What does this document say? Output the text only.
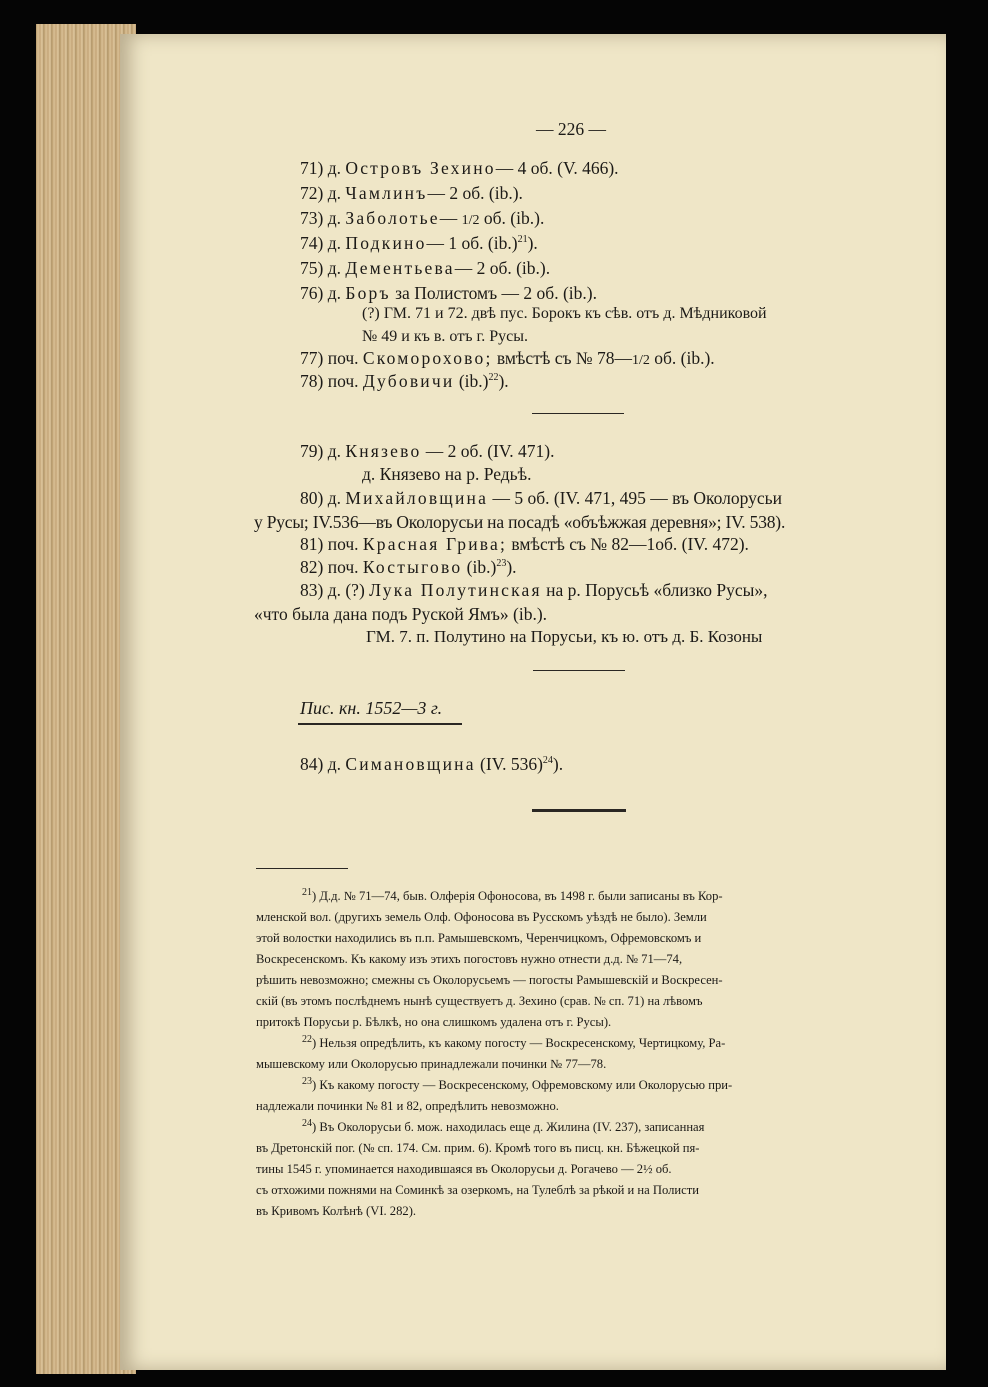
— 226 —
71) д. Островъ Зехино— 4 об. (V. 466).
72) д. Чамлинъ— 2 об. (ib.).
73) д. Заболотье— 1/2 об. (ib.).
74) д. Подкино— 1 об. $(ib.)^{21}$).
75) д. Дементьева— 2 об. (ib.).
76) д. Боръ за Полистомъ — 2 об. (ib.).
(?) ГМ. 71 и 72. двѣ пус. Борокъ къ сѣв. отъ д. Мѣдниковой
№ 49 и къ в. отъ г. Русы.
77) поч. Скоморохово; вмѣстѣ съ № 78—1/2 об. (ib.).
78) поч. Дубовичи $(ib.)^{22}$).
79) д. Князево — 2 об. (IV. 471).
д. Князево на р. Редьѣ.
80) д. Михайловщина — 5 об. (IV. 471, 495 — въ Околорусьи
у Русы; IV.536—въ Околорусьи на посадѣ «объѣжжая деревня»; IV. 538).
81) поч. Красная Грива; вмѣстѣ съ № 82—1об. (IV. 472).
82) поч. Костыгово $(ib.)^{23}$).
83) д. (?) Лука Полутинская на р. Порусьѣ «близко Русы»,
«что была дана подъ Руской Ямъ» (ib.).
ГМ. 7. п. Полутино на Порусьи, къ ю. отъ д. Б. Козоны
Пис. кн. 1552—3 г.
84) д. Симановщина (IV. 536)$^{24}$).
$^{21}$) Д.д. № 71—74, быв. Олферія Офоносова, въ 1498 г. были записаны въ Кор-
мленской вол. (другихъ земель Олф. Офоносова въ Русскомъ уѣздѣ не было). Земли
этой волостки находились въ п.п. Рамышевскомъ, Черенчицкомъ, Офремовскомъ и
Воскресенскомъ. Къ какому изъ этихъ погостовъ нужно отнести д.д. № 71—74,
рѣшить невозможно; смежны съ Околорусьемъ — погосты Рамышевскій и Воскресен-
скій (въ этомъ послѣднемъ нынѣ существуетъ д. Зехино (срав. № сп. 71) на лѣвомъ
притокѣ Порусьи р. Бѣлкѣ, но она слишкомъ удалена отъ г. Русы).
$^{22}$) Нельзя опредѣлить, къ какому погосту — Воскресенскому, Чертицкому, Ра-
мышевскому или Околорусью принадлежали починки № 77—78.
$^{23}$) Къ какому погосту — Воскресенскому, Офремовскому или Околорусью при-
надлежали починки № 81 и 82, опредѣлить невозможно.
$^{24}$) Въ Околорусьи б. мож. находилась еще д. Жилина (IV. 237), записанная
въ Дретонскій пог. (№ сп. 174. См. прим. 6). Кромѣ того въ писц. кн. Бѣжецкой пя-
тины 1545 г. упоминается находившаяся въ Околорусьи д. Рогачево — 2½ об.
съ отхожими пожнями на Соминкѣ за озеркомъ, на Тулеблѣ за рѣкой и на Полисти
въ Кривомъ Колѣнѣ (VI. 282).
